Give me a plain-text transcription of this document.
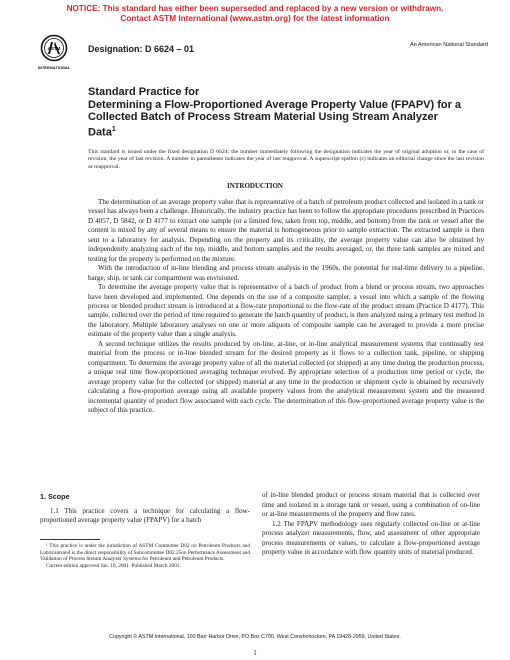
NOTICE: This standard has either been superseded and replaced by a new version or withdrawn.
Contact ASTM International (www.astm.org) for the latest information
ASTM
INTERNATIONAL
Designation: D 6624 – 01	An American National Standard
Standard Practice for
Determining a Flow-Proportioned Average Property Value (FPAPV) for a Collected Batch of Process Stream Material Using Stream Analyzer Data$^1$
This standard is issued under the fixed designation D 6624; the number immediately following the designation indicates the year of original adoption or, in the case of revision, the year of last revision. A number in parentheses indicates the year of last reapproval. A superscript epsilon (ε) indicates an editorial change since the last revision or reapproval.
INTRODUCTION

The determination of an average property value that is representative of a batch of petroleum product collected and isolated in a tank or vessel has always been a challenge. Historically, the industry practice has been to follow the appropriate procedures prescribed in Practices D 4057, D 5842, or D 4177 to extract one sample (or a limited few, taken from top, middle, and bottom) from the tank or vessel after the content is mixed by any of several means to ensure the material is homogeneous prior to sample extraction. The extracted sample is then sent to a laboratory for analysis. Depending on the property and its criticality, the average property value can also be obtained by independently analyzing each of the top, middle, and bottom samples and the results averaged, or, the three tank samples are mixed and testing for the property is performed on the mixture.

With the introduction of in-line blending and process stream analysis in the 1960s, the potential for real-time delivery to a pipeline, barge, ship, or tank car compartment was envisioned.

To determine the average property value that is representative of a batch of product from a blend or process stream, two approaches have been developed and implemented. One depends on the use of a composite sampler, a vessel into which a sample of the flowing process or blended product stream is introduced at a flow-rate proportional to the flow-rate of the product stream (Practice D 4177). This sample, collected over the period of time required to generate the batch quantity of product, is then analyzed using a primary test method in the laboratory. Multiple laboratory analyses on one or more aliquots of composite sample can be averaged to provide a more precise estimate of the property value than a single analysis.

A second technique utilizes the results produced by on-line, at-line, or in-line analytical measurement systems that continually test material from the process or in-line blended stream for the desired property as it flows to a collection tank, pipeline, or shipping compartment. To determine the average property value of all the material collected (or shipped) at any time during the production process, a unique real time flow-proportioned averaging technique evolved. By appropriate selection of a production time period or cycle, the average property value for the collected (or shipped) material at any time in the production or shipment cycle is obtained by recursively calculating a flow-proportion average using all available property values from the analytical measurement system and the measured incremental quantity of product flow associated with each cycle. The determination of this flow-proportioned average property value is the subject of this practice.

1. Scope

1.1 This practice covers a technique for calculating a flow-proportioned average property value (FPAPV) for a batch

of in-line blended product or process stream material that is collected over time and isolated in a storage tank or vessel, using a combination of on-line or at-line measurements of the property and flow rates.

1.2 The FPAPV methodology uses regularly collected on-line or at-line process analyzer measurements, flow, and assessment of other appropriate process measurements or values, to calculate a flow-proportioned average property value in accordance with flow quantity units of material produced.

¹ This practice is under the jurisdiction of ASTM Committee D02 on Petroleum Products and Lubricantsand is the direct responsibility of Subcommittee D02.25on Performance Assessment and Validation of Process Stream Analyzer Systems for Petroleum and Petroleum Products.

Current edition approved Jan. 10, 2001. Published March 2001.

Copyright © ASTM International, 100 Barr Harbor Drive, PO Box C700, West Conshohocken, PA 19428-2959, United States.
1
